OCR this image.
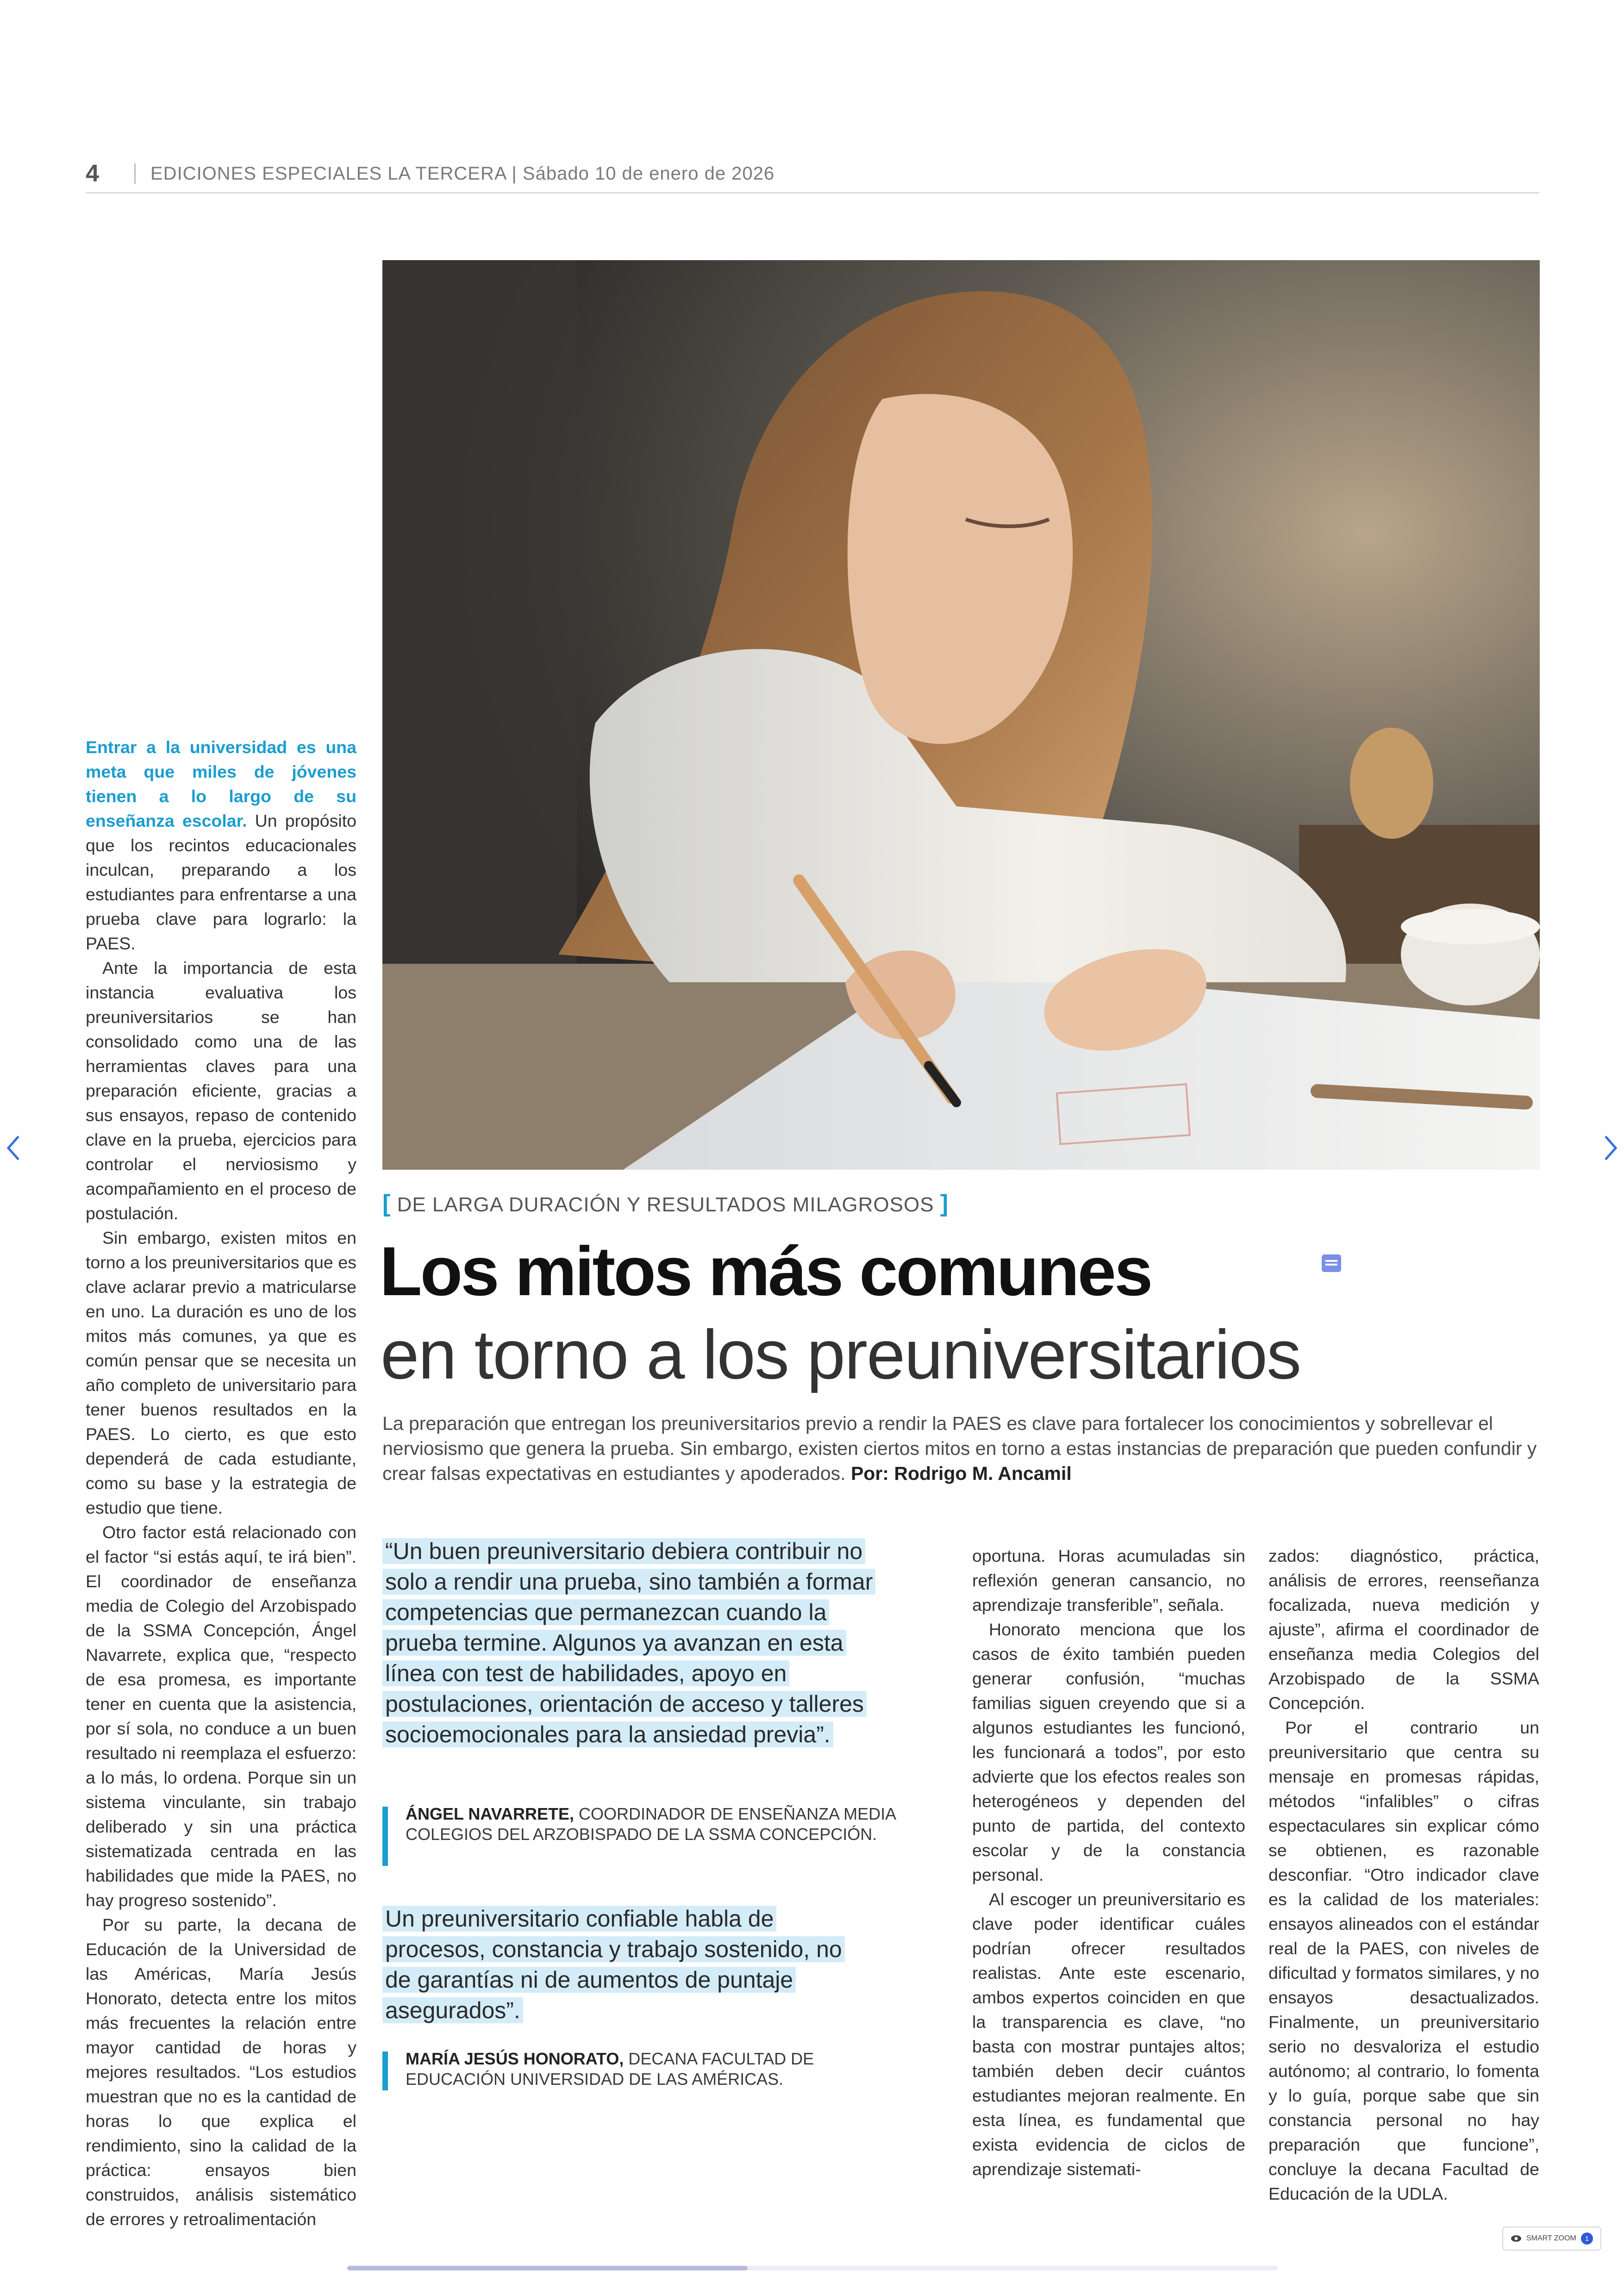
4	EDICIONES ESPECIALES LA TERCERA | Sábado 10 de enero de 2026

Entrar a la universidad es una meta que miles de jóvenes tienen a lo largo de su enseñanza escolar. Un propósito que los recintos educacionales inculcan, preparando a los estudiantes para enfrentarse a una prueba clave para lograrlo: la PAES.

Ante la importancia de esta instancia evaluativa los preuniversitarios se han consolidado como una de las herramientas claves para una preparación eficiente, gracias a sus ensayos, repaso de contenido clave en la prueba, ejercicios para controlar el nerviosismo y acompañamiento en el proceso de postulación.

Sin embargo, existen mitos en torno a los preuniversitarios que es clave aclarar previo a matricularse en uno. La duración es uno de los mitos más comunes, ya que es común pensar que se necesita un año completo de universitario para tener buenos resultados en la PAES. Lo cierto, es que esto dependerá de cada estudiante, como su base y la estrategia de estudio que tiene.

Otro factor está relacionado con el factor “si estás aquí, te irá bien”. El coordinador de enseñanza media de Colegio del Arzobispado de la SSMA Concepción, Ángel Navarrete, explica que, “respecto de esa promesa, es importante tener en cuenta que la asistencia, por sí sola, no conduce a un buen resultado ni reemplaza el esfuerzo: a lo más, lo ordena. Porque sin un sistema vinculante, sin trabajo deliberado y sin una práctica sistematizada centrada en las habilidades que mide la PAES, no hay progreso sostenido”.

Por su parte, la decana de Educación de la Universidad de las Américas, María Jesús Honorato, detecta entre los mitos más frecuentes la relación entre mayor cantidad de horas y mejores resultados. “Los estudios muestran que no es la cantidad de horas lo que explica el rendimiento, sino la calidad de la práctica: ensayos bien construidos, análisis sistemático de errores y retroalimentación

[ DE LARGA DURACIÓN Y RESULTADOS MILAGROSOS ]
Los mitos más comunes
en torno a los preuniversitarios
La preparación que entregan los preuniversitarios previo a rendir la PAES es clave para fortalecer los conocimientos y sobrellevar el nerviosismo que genera la prueba. Sin embargo, existen ciertos mitos en torno a estas instancias de preparación que pueden confundir y crear falsas expectativas en estudiantes y apoderados. Por: Rodrigo M. Ancamil
“Un buen preuniversitario debiera contribuir no solo a rendir una prueba, sino también a formar competencias que permanezcan cuando la prueba termine. Algunos ya avanzan en esta línea con test de habilidades, apoyo en postulaciones, orientación de acceso y talleres socioemocionales para la ansiedad previa”.
ÁNGEL NAVARRETE, COORDINADOR DE ENSEÑANZA MEDIA COLEGIOS DEL ARZOBISPADO DE LA SSMA CONCEPCIÓN.
Un preuniversitario confiable habla de procesos, constancia y trabajo sostenido, no de garantías ni de aumentos de puntaje asegurados”.
MARÍA JESÚS HONORATO, DECANA FACULTAD DE EDUCACIÓN UNIVERSIDAD DE LAS AMÉRICAS.

oportuna. Horas acumuladas sin reflexión generan cansancio, no aprendizaje transferible”, señala.

Honorato menciona que los casos de éxito también pueden generar confusión, “muchas familias siguen creyendo que si a algunos estudiantes les funcionó, les funcionará a todos”, por esto advierte que los efectos reales son heterogéneos y dependen del punto de partida, del contexto escolar y de la constancia personal.

Al escoger un preuniversitario es clave poder identificar cuáles podrían ofrecer resultados realistas. Ante este escenario, ambos expertos coinciden en que la transparencia es clave, “no basta con mostrar puntajes altos; también deben decir cuántos estudiantes mejoran realmente. En esta línea, es fundamental que exista evidencia de ciclos de aprendizaje sistemati-

zados: diagnóstico, práctica, análisis de errores, reenseñanza focalizada, nueva medición y ajuste”, afirma el coordinador de enseñanza media Colegios del Arzobispado de la SSMA Concepción.

Por el contrario un preuniversitario que centra su mensaje en promesas rápidas, métodos “infalibles” o cifras espectaculares sin explicar cómo se obtienen, es razonable desconfiar. “Otro indicador clave es la calidad de los materiales: ensayos alineados con el estándar real de la PAES, con niveles de dificultad y formatos similares, y no ensayos desactualizados. Finalmente, un preuniversitario serio no desvaloriza el estudio autónomo; al contrario, lo fomenta y lo guía, porque sabe que sin constancia personal no hay preparación que funcione”, concluye la decana Facultad de Educación de la UDLA.

SMART ZOOM	1
